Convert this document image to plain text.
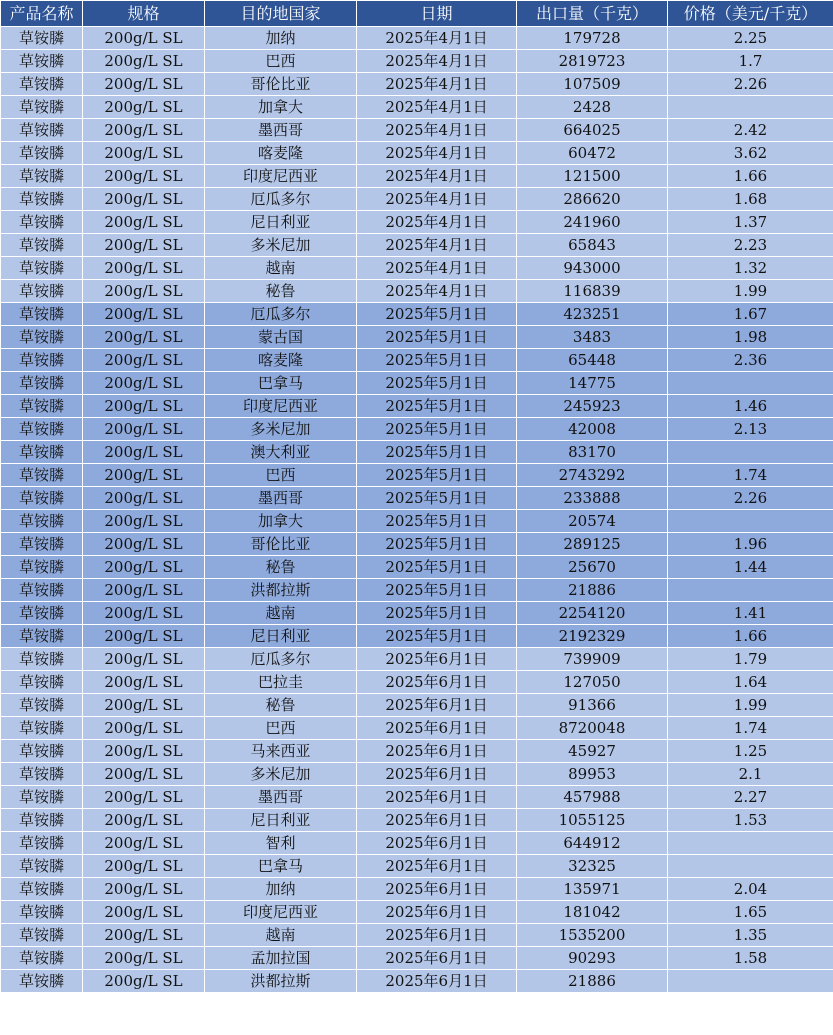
产品名称	规格	目的地国家	日期	出口量（千克）	价格（美元/千克）
草铵膦	200g/L SL	加纳	2025年4月1日	179728	2.25
草铵膦	200g/L SL	巴西	2025年4月1日	2819723	1.7
草铵膦	200g/L SL	哥伦比亚	2025年4月1日	107509	2.26
草铵膦	200g/L SL	加拿大	2025年4月1日	2428	
草铵膦	200g/L SL	墨西哥	2025年4月1日	664025	2.42
草铵膦	200g/L SL	喀麦隆	2025年4月1日	60472	3.62
草铵膦	200g/L SL	印度尼西亚	2025年4月1日	121500	1.66
草铵膦	200g/L SL	厄瓜多尔	2025年4月1日	286620	1.68
草铵膦	200g/L SL	尼日利亚	2025年4月1日	241960	1.37
草铵膦	200g/L SL	多米尼加	2025年4月1日	65843	2.23
草铵膦	200g/L SL	越南	2025年4月1日	943000	1.32
草铵膦	200g/L SL	秘鲁	2025年4月1日	116839	1.99
草铵膦	200g/L SL	厄瓜多尔	2025年5月1日	423251	1.67
草铵膦	200g/L SL	蒙古国	2025年5月1日	3483	1.98
草铵膦	200g/L SL	喀麦隆	2025年5月1日	65448	2.36
草铵膦	200g/L SL	巴拿马	2025年5月1日	14775	
草铵膦	200g/L SL	印度尼西亚	2025年5月1日	245923	1.46
草铵膦	200g/L SL	多米尼加	2025年5月1日	42008	2.13
草铵膦	200g/L SL	澳大利亚	2025年5月1日	83170	
草铵膦	200g/L SL	巴西	2025年5月1日	2743292	1.74
草铵膦	200g/L SL	墨西哥	2025年5月1日	233888	2.26
草铵膦	200g/L SL	加拿大	2025年5月1日	20574	
草铵膦	200g/L SL	哥伦比亚	2025年5月1日	289125	1.96
草铵膦	200g/L SL	秘鲁	2025年5月1日	25670	1.44
草铵膦	200g/L SL	洪都拉斯	2025年5月1日	21886	
草铵膦	200g/L SL	越南	2025年5月1日	2254120	1.41
草铵膦	200g/L SL	尼日利亚	2025年5月1日	2192329	1.66
草铵膦	200g/L SL	厄瓜多尔	2025年6月1日	739909	1.79
草铵膦	200g/L SL	巴拉圭	2025年6月1日	127050	1.64
草铵膦	200g/L SL	秘鲁	2025年6月1日	91366	1.99
草铵膦	200g/L SL	巴西	2025年6月1日	8720048	1.74
草铵膦	200g/L SL	马来西亚	2025年6月1日	45927	1.25
草铵膦	200g/L SL	多米尼加	2025年6月1日	89953	2.1
草铵膦	200g/L SL	墨西哥	2025年6月1日	457988	2.27
草铵膦	200g/L SL	尼日利亚	2025年6月1日	1055125	1.53
草铵膦	200g/L SL	智利	2025年6月1日	644912	
草铵膦	200g/L SL	巴拿马	2025年6月1日	32325	
草铵膦	200g/L SL	加纳	2025年6月1日	135971	2.04
草铵膦	200g/L SL	印度尼西亚	2025年6月1日	181042	1.65
草铵膦	200g/L SL	越南	2025年6月1日	1535200	1.35
草铵膦	200g/L SL	孟加拉国	2025年6月1日	90293	1.58
草铵膦	200g/L SL	洪都拉斯	2025年6月1日	21886	
KQ 农财网
